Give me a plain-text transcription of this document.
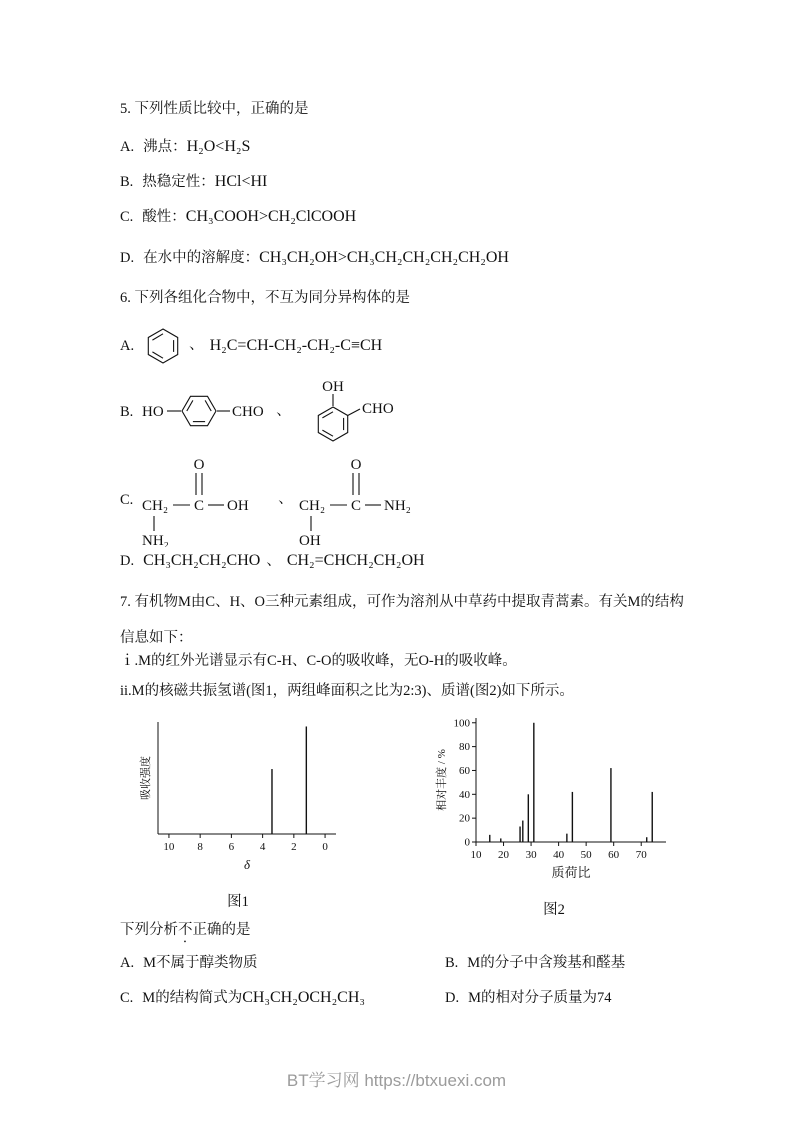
5. 下列性质比较中，正确的是

A. 沸点：H₂O<H₂S

B. 热稳定性：HCl<HI

C. 酸性：CH₃COOH>CH₂ClCOOH

D. 在水中的溶解度：CH₃CH₂OH>CH₃CH₂CH₂CH₂CH₂OH

6. 下列各组化合物中，不互为同分异构体的是

A.	、 H₂C=CH-CH₂-CH₂-C≡CH
B. HO	CHO 、
OH
CHO
C.
O
CH₂ C OH
NH₂
、
O
CH₂ C NH₂
OH

D. CH₃CH₂CH₂CHO 、 CH₂=CHCH₂CH₂OH

7. 有机物M由C、H、O三种元素组成，可作为溶剂从中草药中提取青蒿素。有关M的结构

信息如下：

ｉ.M的红外光谱显示有C-H、C-O的吸收峰，无O-H的吸收峰。

ii.M的核磁共振氢谱(图1，两组峰面积之比为2:3)、质谱(图2)如下所示。

10 8 6 4 2 0
δ
吸收强度
图1
10 20 30 40 50 60 70
0
20
40
60
80
100
质荷比
相对丰度 / %
图2

下列分析不正确的是

A. M不属于醇类物质	B. M的分子中含羧基和醛基

C. M的结构简式为CH₃CH₂OCH₂CH₃	D. M的相对分子质量为74

BT学习网 https://btxuexi.com
